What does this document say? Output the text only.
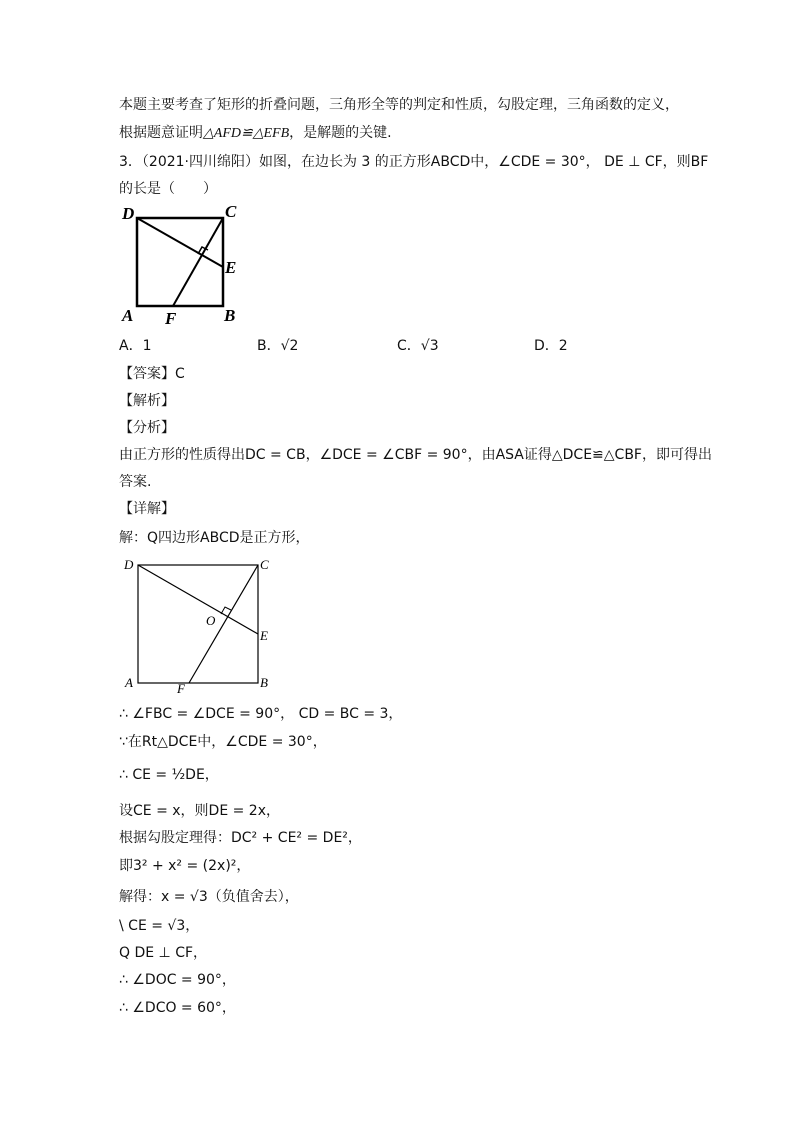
本题主要考查了矩形的折叠问题，三角形全等的判定和性质，勾股定理，三角函数的定义，
根据题意证明△AFD≌△EFB，是解题的关键.
3．（2021·四川绵阳）如图，在边长为 3 的正方形ABCD中，∠CDE = 30°， DE ⊥ CF，则BF
的长是（　　）
D	C
E
A F	B
A．1	B．√2	C．√3	D．2
【答案】C
【解析】
【分析】
由正方形的性质得出DC = CB，∠DCE = ∠CBF = 90°，由ASA证得△DCE≌△CBF，即可得出
答案.
【详解】
解：Q四边形ABCD是正方形，
D	C
O
E
A	F	B
∴ ∠FBC = ∠DCE = 90°， CD = BC = 3，
∵在Rt△DCE中，∠CDE = 30°，
∴ CE = ½DE，
设CE = x，则DE = 2x，
根据勾股定理得：DC² + CE² = DE²，
即3² + x² = (2x)²，
解得：x = √3（负值舍去），
\ CE = √3，
Q DE ⊥ CF，
∴ ∠DOC = 90°，
∴ ∠DCO = 60°，
